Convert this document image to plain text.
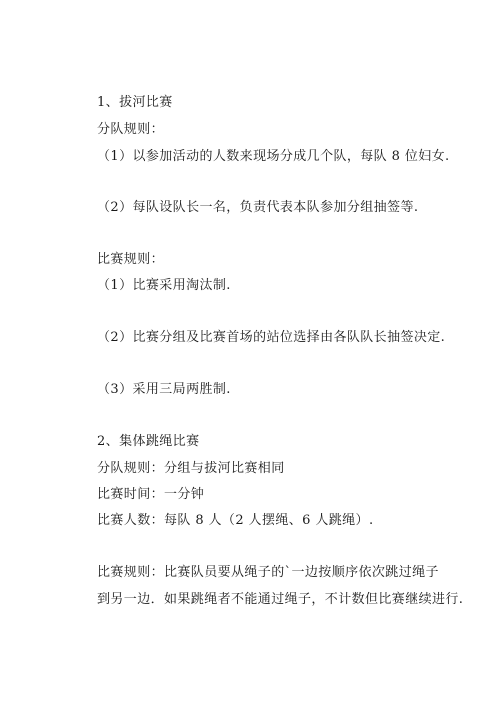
1、拔河比赛
分队规则：
（1）以参加活动的人数来现场分成几个队，每队 8 位妇女.
（2）每队设队长一名，负责代表本队参加分组抽签等.
比赛规则：
（1）比赛采用淘汰制.
（2）比赛分组及比赛首场的站位选择由各队队长抽签决定.
（3）采用三局两胜制.
2、集体跳绳比赛
分队规则：分组与拔河比赛相同
比赛时间：一分钟
比赛人数：每队 8 人（2 人摆绳、6 人跳绳）.
比赛规则：比赛队员要从绳子的`一边按顺序依次跳过绳子
到另一边．如果跳绳者不能通过绳子，不计数但比赛继续进行.
